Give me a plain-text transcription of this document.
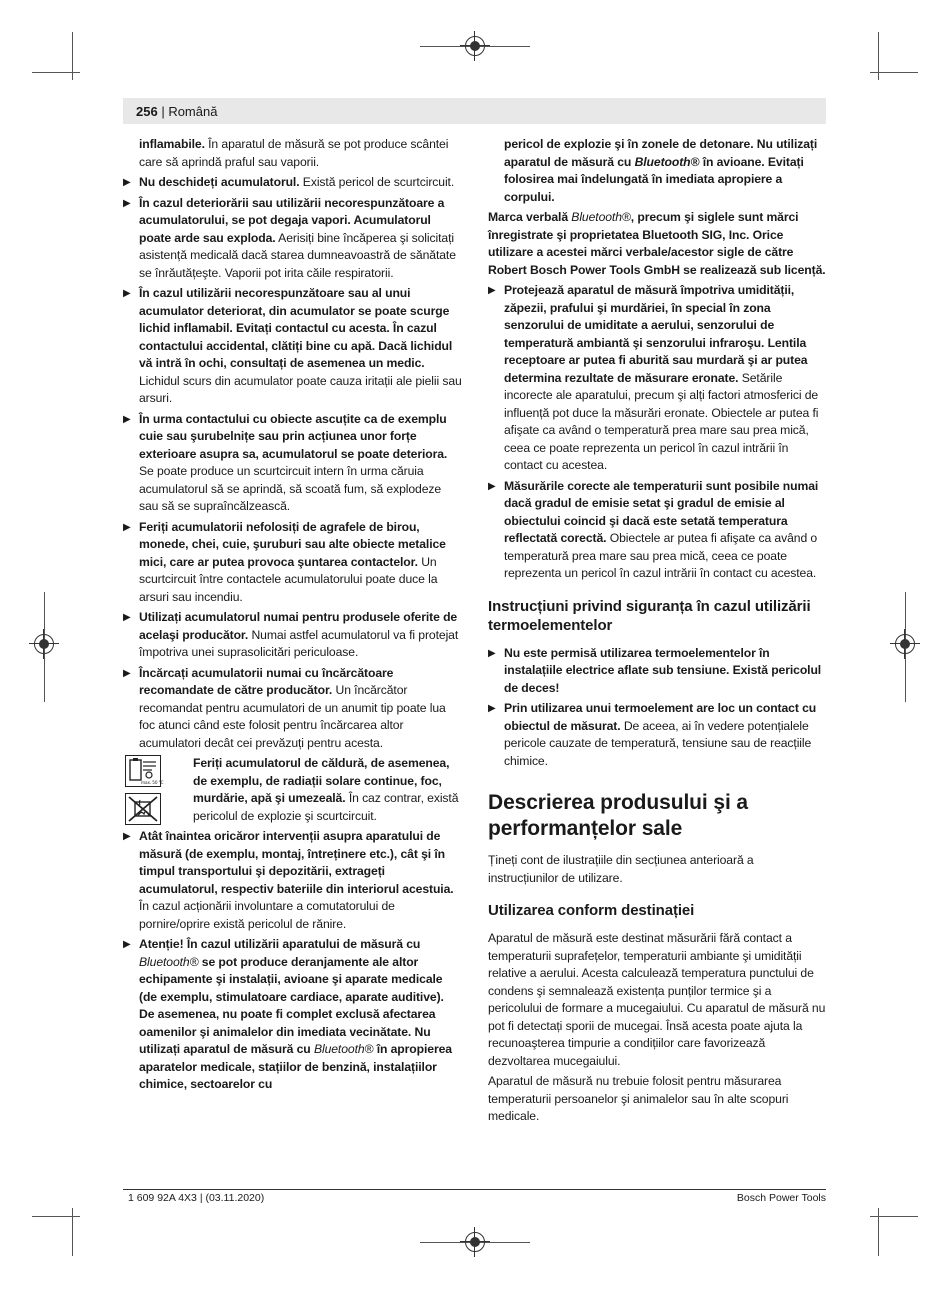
256 | Română

inflamabile. În aparatul de măsură se pot produce scântei care să aprindă praful sau vaporii.

▶ Nu deschideți acumulatorul. Există pericol de scurtcircuit.
▶ În cazul deteriorării sau utilizării necorespunzătoare a acumulatorului, se pot degaja vapori. Acumulatorul poate arde sau exploda. Aerisiți bine încăperea şi solicitați asistență medicală dacă starea dumneavoastră de sănătate se înrăutățeşte. Vaporii pot irita căile respiratorii.
▶ În cazul utilizării necorespunzătoare sau al unui acumulator deteriorat, din acumulator se poate scurge lichid inflamabil. Evitați contactul cu acesta. În cazul contactului accidental, clătiți bine cu apă. Dacă lichidul vă intră în ochi, consultați de asemenea un medic. Lichidul scurs din acumulator poate cauza iritații ale pielii sau arsuri.
▶ În urma contactului cu obiecte ascuțite ca de exemplu cuie sau şurubelnițe sau prin acțiunea unor forțe exterioare asupra sa, acumulatorul se poate deteriora. Se poate produce un scurtcircuit intern în urma căruia acumulatorul să se aprindă, să scoată fum, să explodeze sau să se supraîncălzească.
▶ Feriți acumulatorii nefolosiți de agrafele de birou, monede, chei, cuie, şuruburi sau alte obiecte metalice mici, care ar putea provoca şuntarea contactelor. Un scurtcircuit între contactele acumulatorului poate duce la arsuri sau incendiu.
▶ Utilizați acumulatorul numai pentru produsele oferite de acelaşi producător. Numai astfel acumulatorul va fi protejat împotriva unei suprasolicitări periculoase.
▶ Încărcați acumulatorii numai cu încărcătoare recomandate de către producător. Un încărcător recomandat pentru acumulatori de un anumit tip poate lua foc atunci când este folosit pentru încărcarea altor acumulatori decât cei prevăzuți pentru acesta.
max. 50 °C
Feriți acumulatorul de căldură, de asemenea, de exemplu, de radiații solare continue, foc, murdărie, apă şi umezeală. În caz contrar, există pericolul de explozie şi scurtcircuit.
▶ Atât înaintea oricăror intervenții asupra aparatului de măsură (de exemplu, montaj, întreținere etc.), cât şi în timpul transportului şi depozitării, extrageți acumulatorul, respectiv bateriile din interiorul acestuia. În cazul acționării involuntare a comutatorului de pornire/oprire există pericolul de rănire.
▶ Atenție! În cazul utilizării aparatului de măsură cu Bluetooth® se pot produce deranjamente ale altor echipamente şi instalații, avioane şi aparate medicale (de exemplu, stimulatoare cardiace, aparate auditive). De asemenea, nu poate fi complet exclusă afectarea oamenilor şi animalelor din imediata vecinătate. Nu utilizați aparatul de măsură cu Bluetooth® în apropierea aparatelor medicale, stațiilor de benzină, instalațiilor chimice, sectoarelor cu

pericol de explozie şi în zonele de detonare. Nu utilizați aparatul de măsură cu Bluetooth® în avioane. Evitați folosirea mai îndelungată în imediata apropiere a corpului.

Marca verbală Bluetooth®, precum şi siglele sunt mărci înregistrate şi proprietatea Bluetooth SIG, Inc. Orice utilizare a acestei mărci verbale/acestor sigle de către Robert Bosch Power Tools GmbH se realizează sub licență.

▶ Protejează aparatul de măsură împotriva umidității, zăpezii, prafului şi murdăriei, în special în zona senzorului de umiditate a aerului, senzorului de temperatură ambiantă şi senzorului infraroşu. Lentila receptoare ar putea fi aburită sau murdară şi ar putea determina rezultate de măsurare eronate. Setările incorecte ale aparatului, precum şi alți factori atmosferici de influență pot duce la măsurări eronate. Obiectele ar putea fi afişate ca având o temperatură prea mare sau prea mică, ceea ce poate reprezenta un pericol în cazul intrării în contact cu acestea.
▶ Măsurările corecte ale temperaturii sunt posibile numai dacă gradul de emisie setat şi gradul de emisie al obiectului coincid şi dacă este setată temperatura reflectată corectă. Obiectele ar putea fi afişate ca având o temperatură prea mare sau prea mică, ceea ce poate reprezenta un pericol în cazul intrării în contact cu acestea.
Instrucțiuni privind siguranța în cazul utilizării termoelementelor
▶ Nu este permisă utilizarea termoelementelor în instalațiile electrice aflate sub tensiune. Există pericolul de deces!
▶ Prin utilizarea unui termoelement are loc un contact cu obiectul de măsurat. De aceea, ai în vedere potențialele pericole cauzate de temperatură, tensiune sau de reacțiile chimice.
Descrierea produsului şi a performanțelor sale

Țineți cont de ilustrațiile din secțiunea anterioară a instrucțiunilor de utilizare.

Utilizarea conform destinației

Aparatul de măsură este destinat măsurării fără contact a temperaturii suprafețelor, temperaturii ambiante şi umidității relative a aerului. Acesta calculează temperatura punctului de condens şi semnalează existența punților termice şi a pericolului de formare a mucegaiului. Cu aparatul de măsură nu pot fi detectați sporii de mucegai. Însă acesta poate ajuta la recunoaşterea timpurie a condițiilor care favorizează dezvoltarea mucegaiului.

Aparatul de măsură nu trebuie folosit pentru măsurarea temperaturii persoanelor şi animalelor sau în alte scopuri medicale.

1 609 92A 4X3 | (03.11.2020)	Bosch Power Tools
